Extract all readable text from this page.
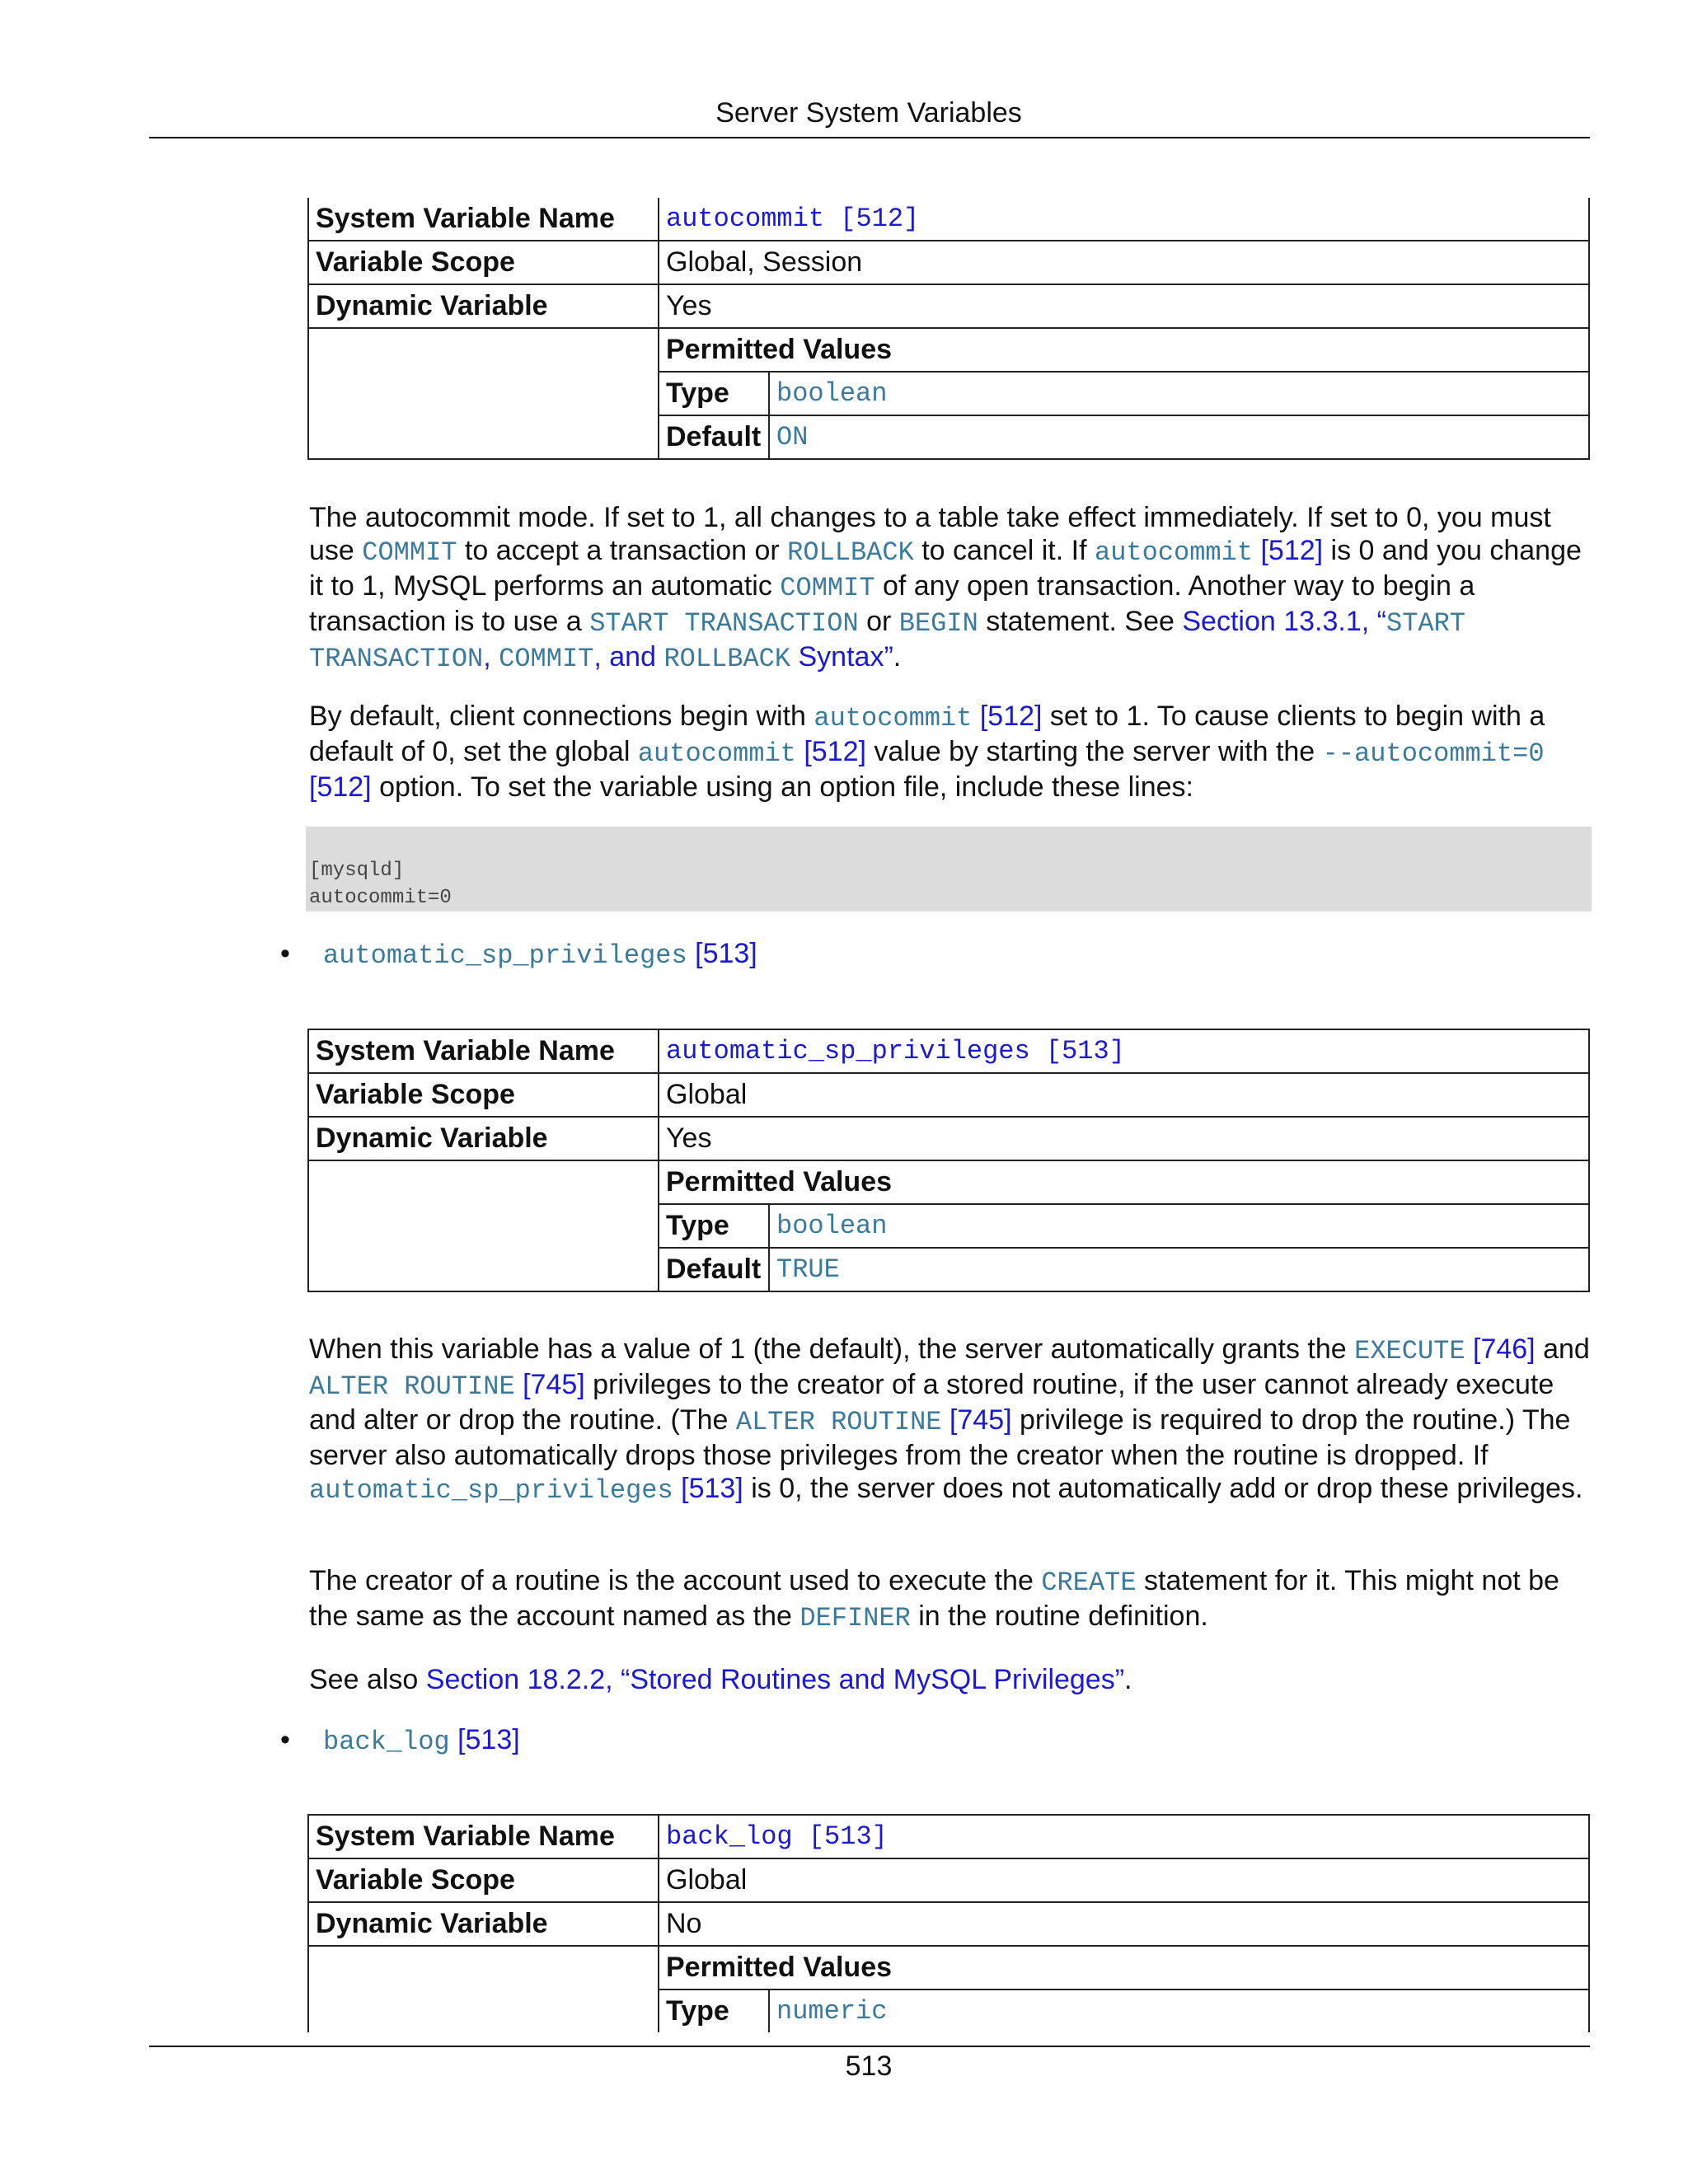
Server System Variables
System Variable Name	autocommit [512]
Variable Scope	Global, Session
Dynamic Variable	Yes
	Permitted Values

Type	boolean

Default	ON
The autocommit mode. If set to 1, all changes to a table take effect immediately. If set to 0, you must use COMMIT to accept a transaction or ROLLBACK to cancel it. If autocommit [512] is 0 and you change it to 1, MySQL performs an automatic COMMIT of any open transaction. Another way to begin a transaction is to use a START TRANSACTION or BEGIN statement. See Section 13.3.1, “START TRANSACTION, COMMIT, and ROLLBACK Syntax”.
By default, client connections begin with autocommit [512] set to 1. To cause clients to begin with a default of 0, set the global autocommit [512] value by starting the server with the --autocommit=0 [512] option. To set the variable using an option file, include these lines:
[mysqld]
autocommit=0
• automatic_sp_privileges [513]
System Variable Name	automatic_sp_privileges [513]
Variable Scope	Global
Dynamic Variable	Yes
	Permitted Values

Type	boolean

Default	TRUE
When this variable has a value of 1 (the default), the server automatically grants the EXECUTE [746] and ALTER ROUTINE [745] privileges to the creator of a stored routine, if the user cannot already execute and alter or drop the routine. (The ALTER ROUTINE [745] privilege is required to drop the routine.) The server also automatically drops those privileges from the creator when the routine is dropped. If automatic_sp_privileges [513] is 0, the server does not automatically add or drop these privileges.
The creator of a routine is the account used to execute the CREATE statement for it. This might not be the same as the account named as the DEFINER in the routine definition.
See also Section 18.2.2, “Stored Routines and MySQL Privileges”.
• back_log [513]
System Variable Name	back_log [513]
Variable Scope	Global
Dynamic Variable	No
	Permitted Values

Type	numeric
513
